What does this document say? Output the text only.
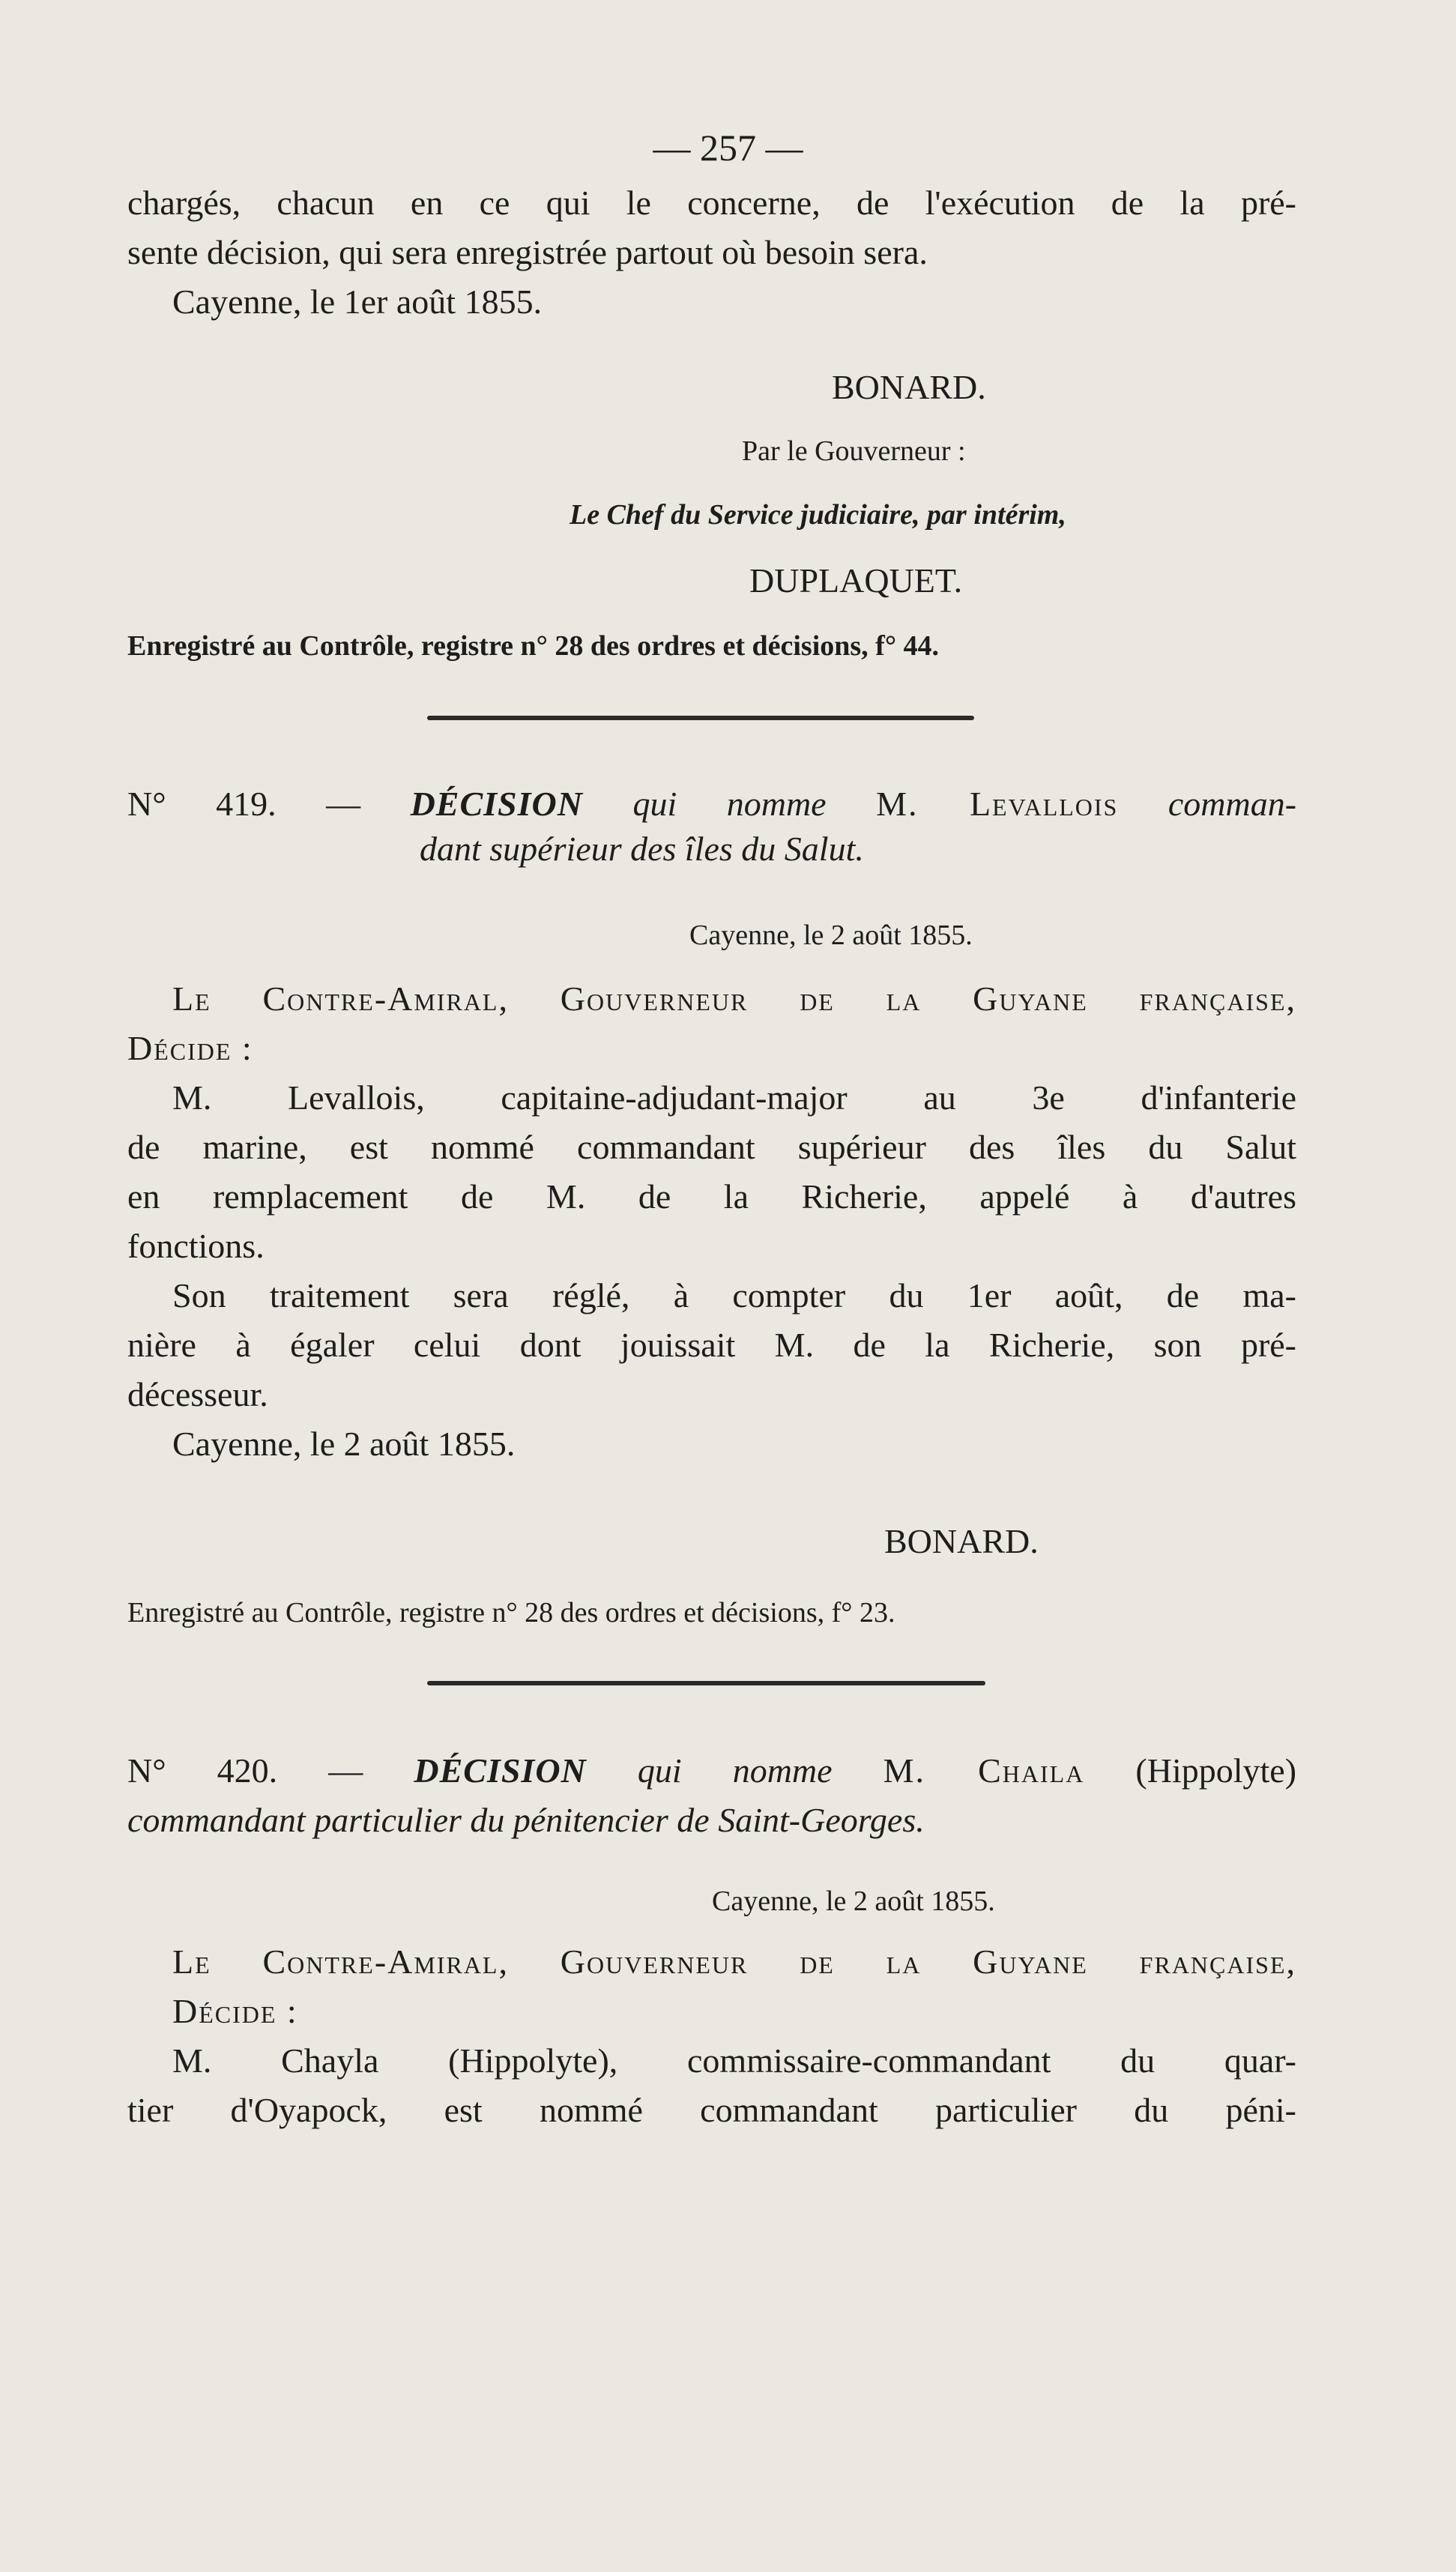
— 257 —
chargés, chacun en ce qui le concerne, de l'exécution de la pré-
sente décision, qui sera enregistrée partout où besoin sera.
Cayenne, le 1er août 1855.
BONARD.
Par le Gouverneur :
Le Chef du Service judiciaire, par intérim,
DUPLAQUET.
Enregistré au Contrôle, registre n° 28 des ordres et décisions, f° 44.
N° 419. — DÉCISION qui nomme M. Levallois comman-
dant supérieur des îles du Salut.
Cayenne, le 2 août 1855.
Le Contre-Amiral, Gouverneur de la Guyane française,
Décide :
M. Levallois, capitaine-adjudant-major au 3e d'infanterie
de marine, est nommé commandant supérieur des îles du Salut
en remplacement de M. de la Richerie, appelé à d'autres
fonctions.
Son traitement sera réglé, à compter du 1er août, de ma-
nière à égaler celui dont jouissait M. de la Richerie, son pré-
décesseur.
Cayenne, le 2 août 1855.
BONARD.
Enregistré au Contrôle, registre n° 28 des ordres et décisions, f° 23.
N° 420. — DÉCISION qui nomme M. Chaila (Hippolyte)
commandant particulier du pénitencier de Saint-Georges.
Cayenne, le 2 août 1855.
Le Contre-Amiral, Gouverneur de la Guyane française,
Décide :
M. Chayla (Hippolyte), commissaire-commandant du quar-
tier d'Oyapock, est nommé commandant particulier du péni-
